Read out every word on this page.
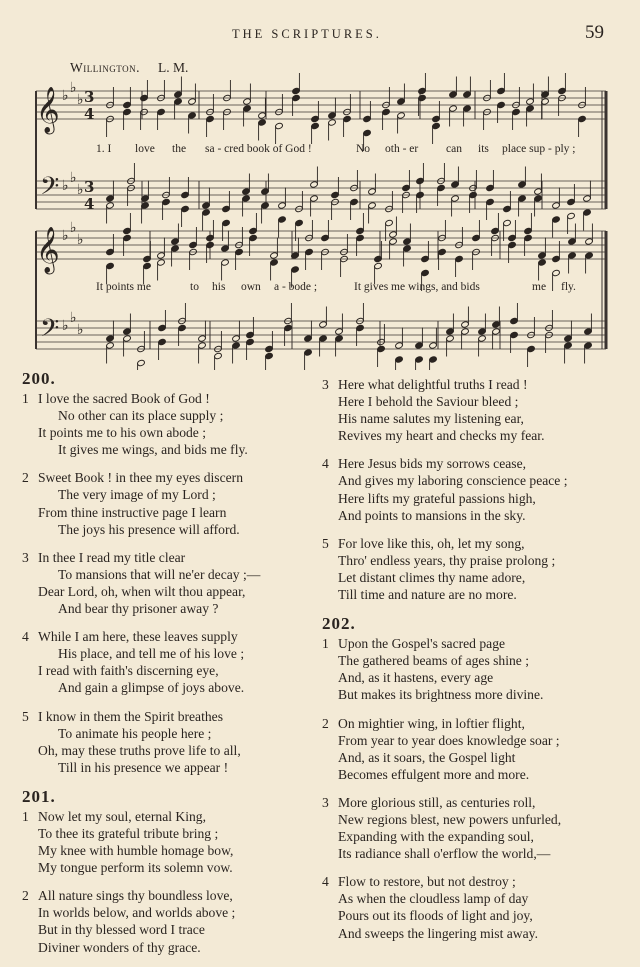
THE SCRIPTURES.	59
Willington. L. M.
𝄞
𝄢
𝄞
𝄢
3
4
3
4
♭ ♭
♭
♭ ♭
♭
♭ ♭
♭
♭ ♭
♭
1. I love the sa - cred book of God !	No oth - er can its place sup - ply ;
It points me	to his own a - bode ;	It gives me wings, and bids	me fly.
200.
1 I love the sacred Book of God !
No other can its place supply ;
It points me to his own abode ;
It gives me wings, and bids me fly.
2 Sweet Book ! in thee my eyes discern
The very image of my Lord ;
From thine instructive page I learn
The joys his presence will afford.
3 In thee I read my title clear
To mansions that will ne'er decay ;—
Dear Lord, oh, when wilt thou appear,
And bear thy prisoner away ?
4 While I am here, these leaves supply
His place, and tell me of his love ;
I read with faith's discerning eye,
And gain a glimpse of joys above.
5 I know in them the Spirit breathes
To animate his people here ;
Oh, may these truths prove life to all,
Till in his presence we appear !
201.
1 Now let my soul, eternal King,
To thee its grateful tribute bring ;
My knee with humble homage bow,
My tongue perform its solemn vow.
2 All nature sings thy boundless love,
In worlds below, and worlds above ;
But in thy blessed word I trace
Diviner wonders of thy grace.
3 Here what delightful truths I read !
Here I behold the Saviour bleed ;
His name salutes my listening ear,
Revives my heart and checks my fear.
4 Here Jesus bids my sorrows cease,
And gives my laboring conscience peace ;
Here lifts my grateful passions high,
And points to mansions in the sky.
5 For love like this, oh, let my song,
Thro' endless years, thy praise prolong ;
Let distant climes thy name adore,
Till time and nature are no more.
202.
1 Upon the Gospel's sacred page
The gathered beams of ages shine ;
And, as it hastens, every age
But makes its brightness more divine.
2 On mightier wing, in loftier flight,
From year to year does knowledge soar ;
And, as it soars, the Gospel light
Becomes effulgent more and more.
3 More glorious still, as centuries roll,
New regions blest, new powers unfurled,
Expanding with the expanding soul,
Its radiance shall o'erflow the world,—
4 Flow to restore, but not destroy ;
As when the cloudless lamp of day
Pours out its floods of light and joy,
And sweeps the lingering mist away.
